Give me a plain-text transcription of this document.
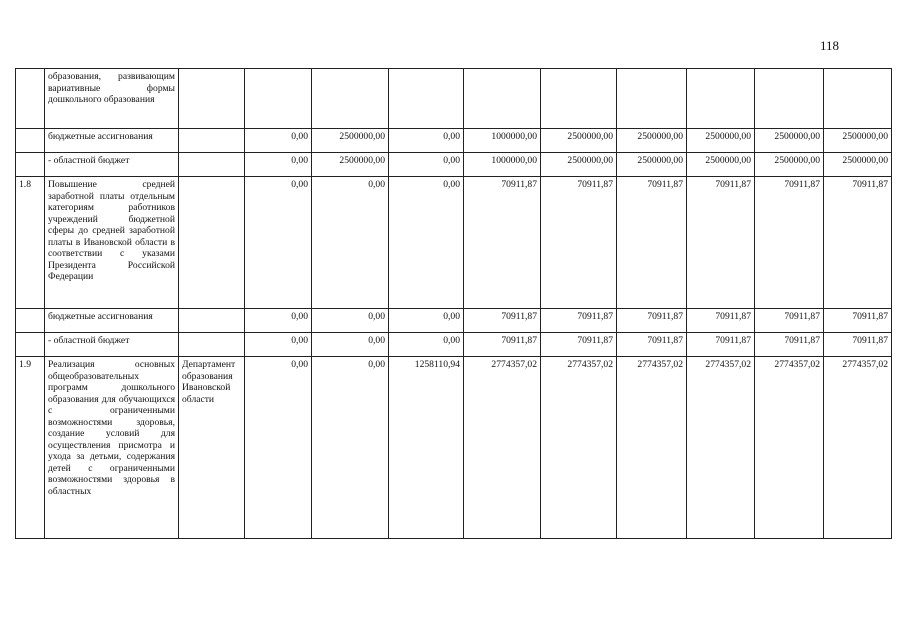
118
	образования, развивающим вариативные формы дошкольного образования										
	бюджетные ассигнования		0,00	2500000,00	0,00	1000000,00	2500000,00	2500000,00	2500000,00	2500000,00	2500000,00
	- областной бюджет		0,00	2500000,00	0,00	1000000,00	2500000,00	2500000,00	2500000,00	2500000,00	2500000,00
1.8	Повышение средней заработной платы отдельным категориям работников учреждений бюджетной сферы до средней заработной платы в Ивановской области в соответствии с указами Президента Российской Федерации		0,00	0,00	0,00	70911,87	70911,87	70911,87	70911,87	70911,87	70911,87
	бюджетные ассигнования		0,00	0,00	0,00	70911,87	70911,87	70911,87	70911,87	70911,87	70911,87
	- областной бюджет		0,00	0,00	0,00	70911,87	70911,87	70911,87	70911,87	70911,87	70911,87
1.9	Реализация основных общеобразовательных программ дошкольного образования для обучающихся с ограниченными возможностями здоровья, создание условий для осуществления присмотра и ухода за детьми, содержания детей с ограниченными возможностями здоровья в областных	Департамент образования Ивановской области	0,00	0,00	1258110,94	2774357,02	2774357,02	2774357,02	2774357,02	2774357,02	2774357,02
